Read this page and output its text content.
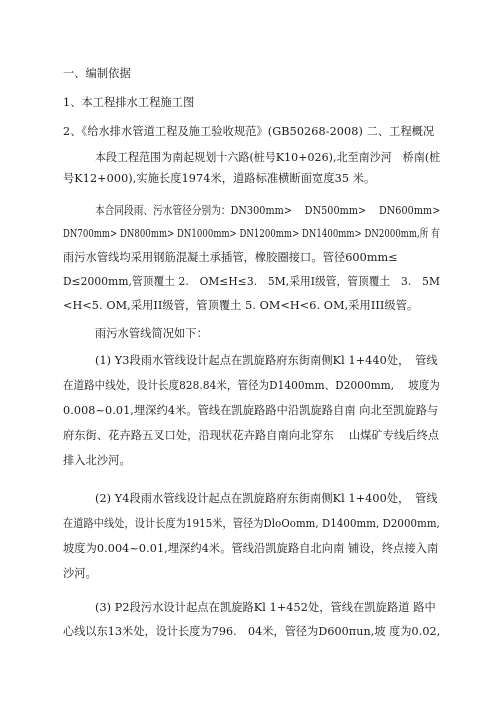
一、编制依据
1、本工程排水工程施工图
2、《给水排水管道工程及施工验收规范》(GB50268-2008) 二、工程概况
本段工程范围为南起规划十六路(桩号K10+026),北至南沙河　桥南(桩
号K12+000),实施长度1974米，道路标准横断面宽度35 米。
本合同段雨、污水管径分别为：DN300mm>　 DN500mm>　 DN600mm>
DN700mm> DN800mm> DN1000mm> DN1200mm> DN1400mm> DN2000mm,所 有
雨污水管线均采用钢筋混凝土承插管，橡胶圈接口。管径600mm≤
D≤2000mm,管顶覆土 2.　OM≤H≤3.　5M,采用I级管，管顶覆土　3.　5M
<H<5. OM,采用II级管，管顶覆土 5. OM<H<6. OM,采用III级管。
雨污水管线简况如下：
(1) Y3段雨水管线设计起点在凯旋路府东街南侧Kl 1+440处，　管线
在道路中线处，设计长度828.84米，管径为D1400mm、D2000mm,　 坡度为
0.008~0.01,埋深约4米。管线在凯旋路路中沿凯旋路自南 向北至凯旋路与
府东街、花卉路五叉口处，沿现状花卉路自南向北穿东　 山煤矿专线后终点
排入北沙河。
(2) Y4段雨水管线设计起点在凯旋路府东街南侧Kl 1+400处，　管线
在道路中线处，设计长度为1915米，管径为DloOomm, D1400mm, D2000mm,
坡度为0.004~0.01,埋深约4米。管线沿凯旋路自北向南 铺设，终点接入南
沙河。
(3) P2段污水设计起点在凯旋路Kl 1+452处，管线在凯旋路道 路中
心线以东13米处，设计长度为796.　04米，管径为D600πun,坡 度为0.02,
